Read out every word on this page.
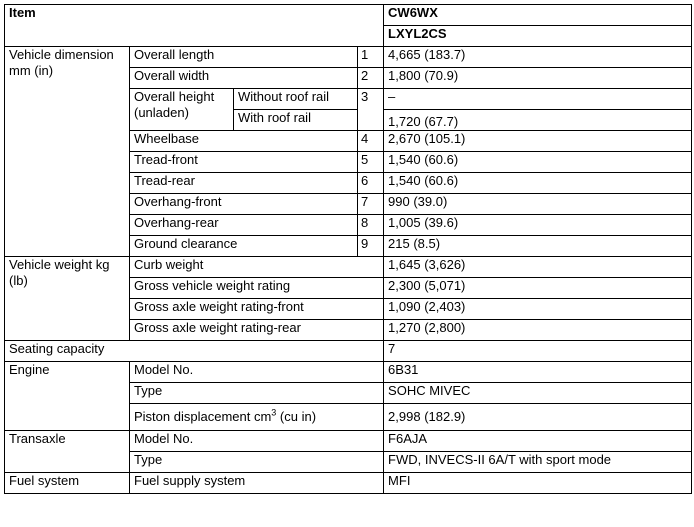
Item				CW6WX
				LXYL2CS
Vehicle dimension mm (in)	Overall length		1	4,665 (183.7)
	Overall width		2	1,800 (70.9)
	Overall height (unladen)	Without roof rail	3	–
		With roof rail		1,720 (67.7)
	Wheelbase		4	2,670 (105.1)
	Tread-front		5	1,540 (60.6)
	Tread-rear		6	1,540 (60.6)
	Overhang-front		7	990 (39.0)
	Overhang-rear		8	1,005 (39.6)
	Ground clearance		9	215 (8.5)
Vehicle weight kg (lb)	Curb weight			1,645 (3,626)
	Gross vehicle weight rating			2,300 (5,071)
	Gross axle weight rating-front			1,090 (2,403)
	Gross axle weight rating-rear			1,270 (2,800)
Seating capacity				7
Engine	Model No.			6B31
	Type			SOHC MIVEC
	Piston displacement $cm^3$ (cu in)			2,998 (182.9)
Transaxle	Model No.			F6AJA
	Type			FWD, INVECS-II 6A/T with sport mode
Fuel system	Fuel supply system			MFI
